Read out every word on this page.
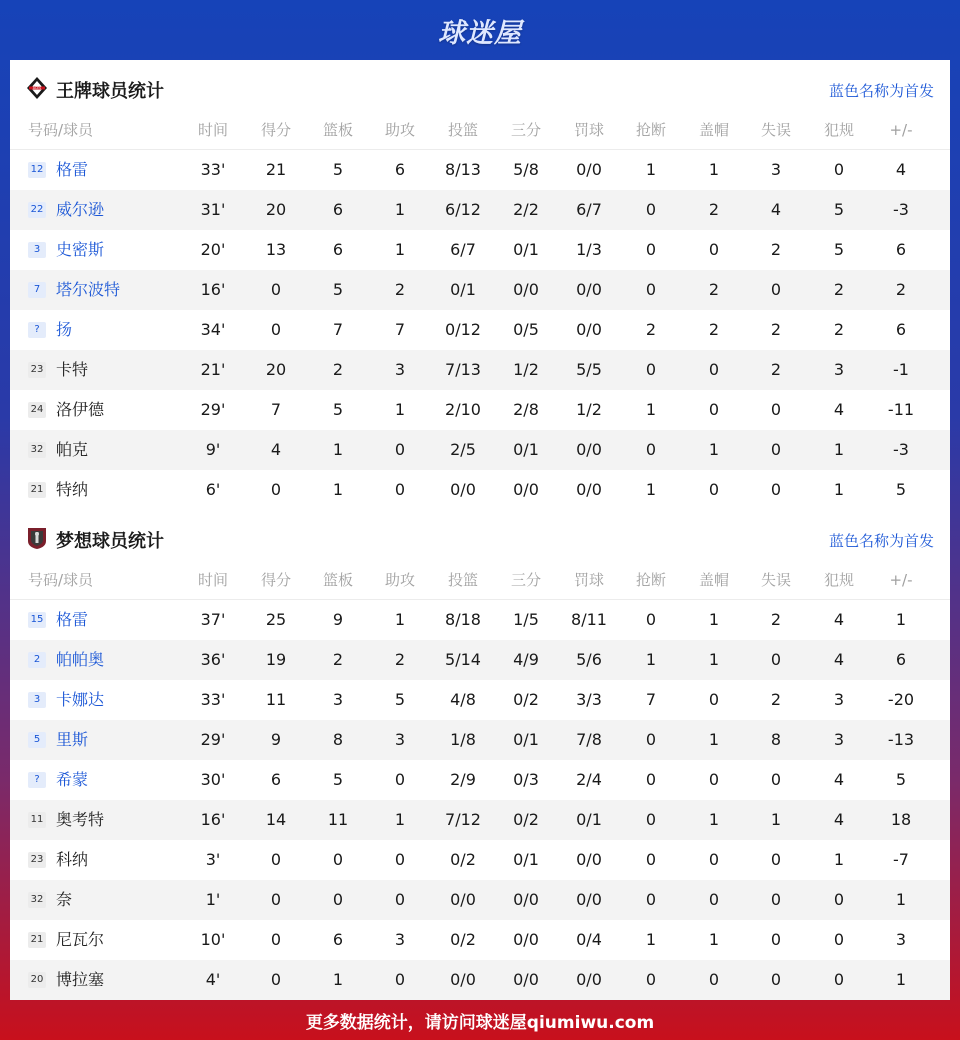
球迷屋
ACES 王牌球员统计	蓝色名称为首发
号码/球员	时间	得分	篮板	助攻	投篮	三分	罚球	抢断	盖帽	失误	犯规	+/-
12 格雷	33'	21	5	6	8/13	5/8	0/0	1	1	3	0	4
22 威尔逊	31'	20	6	1	6/12	2/2	6/7	0	2	4	5	-3
3 史密斯	20'	13	6	1	6/7	0/1	1/3	0	0	2	5	6
7 塔尔波特	16'	0	5	2	0/1	0/0	0/0	0	2	0	2	2
?	扬	34'	0	7	7	0/12	0/5	0/0	2	2	2	2	6
23 卡特	21'	20	2	3	7/13	1/2	5/5	0	0	2	3	-1
24 洛伊德	29'	7	5	1	2/10	2/8	1/2	1	0	0	4	-11
32 帕克	9'	4	1	0	2/5	0/1	0/0	0	1	0	1	-3
21 特纳	6'	0	1	0	0/0	0/0	0/0	1	0	0	1	5
梦想球员统计	蓝色名称为首发
号码/球员	时间	得分	篮板	助攻	投篮	三分	罚球	抢断	盖帽	失误	犯规	+/-
15 格雷	37'	25	9	1	8/18	1/5	8/11	0	1	2	4	1
2 帕帕奥	36'	19	2	2	5/14	4/9	5/6	1	1	0	4	6
3 卡娜达	33'	11	3	5	4/8	0/2	3/3	7	0	2	3	-20
5 里斯	29'	9	8	3	1/8	0/1	7/8	0	1	8	3	-13
?	希蒙	30'	6	5	0	2/9	0/3	2/4	0	0	0	4	5
11 奥考特	16'	14	11	1	7/12	0/2	0/1	0	1	1	4	18
23 科纳	3'	0	0	0	0/2	0/1	0/0	0	0	0	1	-7
32 奈	1'	0	0	0	0/0	0/0	0/0	0	0	0	0	1
21 尼瓦尔	10'	0	6	3	0/2	0/0	0/4	1	1	0	0	3
20 博拉塞	4'	0	1	0	0/0	0/0	0/0	0	0	0	0	1
更多数据统计，请访问球迷屋qiumiwu.com
